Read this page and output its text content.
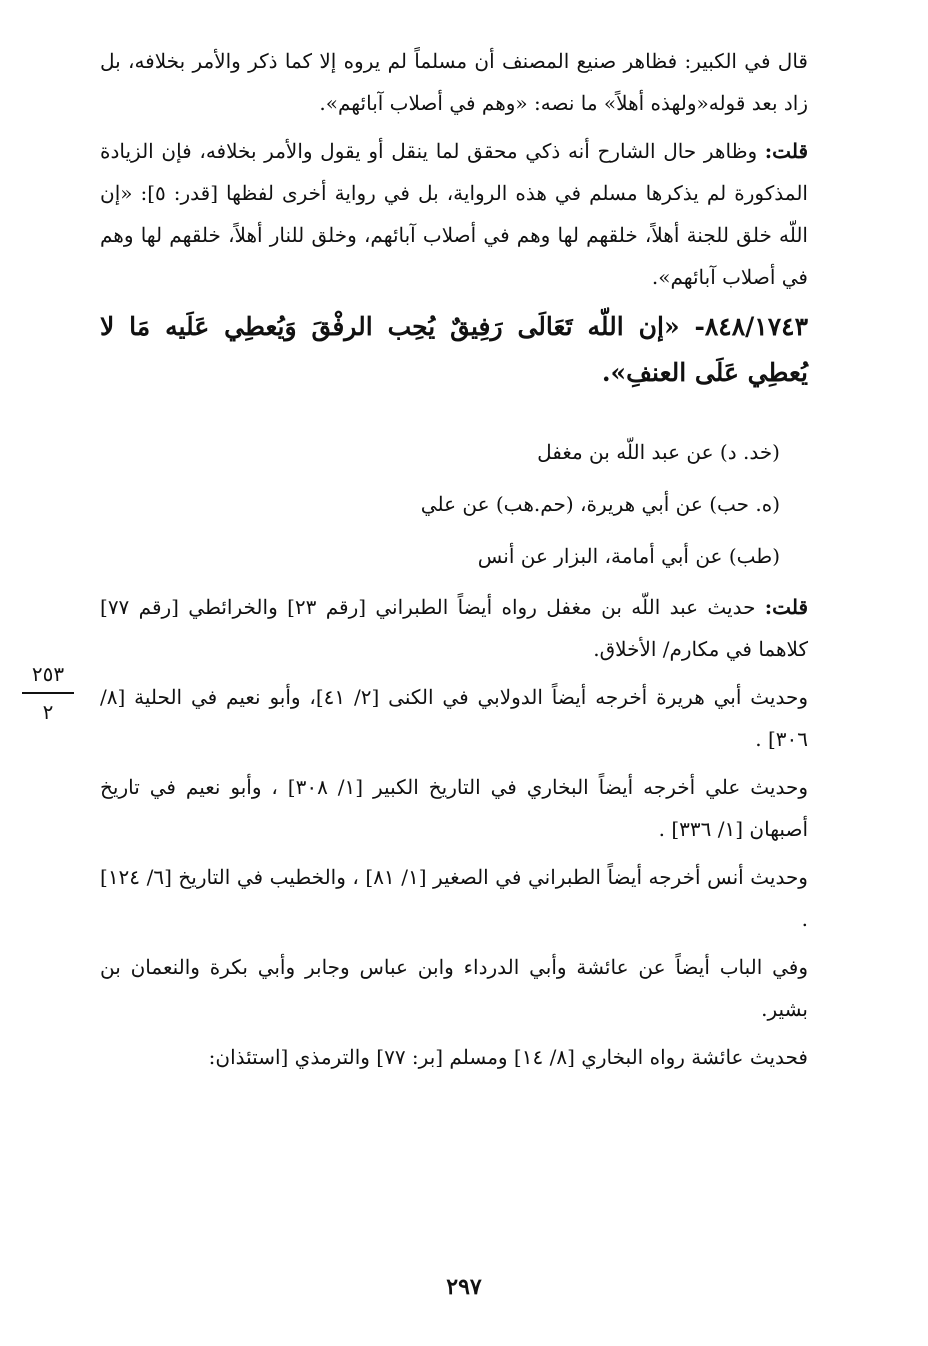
قال في الكبير: فظاهر صنيع المصنف أن مسلماً لم يروه إلا كما ذكر والأمر بخلافه، بل زاد بعد قوله«ولهذه أهلاً» ما نصه: «وهم في أصلاب آبائهم».

قلت: وظاهر حال الشارح أنه ذكي محقق لما ينقل أو يقول والأمر بخلافه، فإن الزيادة المذكورة لم يذكرها مسلم في هذه الرواية، بل في رواية أخرى لفظها [قدر: ٥]: «إن اللّه خلق للجنة أهلاً، خلقهم لها وهم في أصلاب آبائهم، وخلق للنار أهلاً، خلقهم لها وهم في أصلاب آبائهم».

٨٤٨/١٧٤٣- «إن اللّه تَعَالَى رَفِيقٌ يُحِب الرفْقَ وَيُعطِي عَلَيه مَا لا يُعطِي عَلَى العنفِ».

(خد. د) عن عبد اللّه بن مغفل
(ه. حب) عن أبي هريرة، (حم.هب) عن علي
(طب) عن أبي أمامة، البزار عن أنس

قلت: حديث عبد اللّه بن مغفل رواه أيضاً الطبراني [رقم ٢٣] والخرائطي [رقم ٧٧] كلاهما في مكارم/ الأخلاق.

وحديث أبي هريرة أخرجه أيضاً الدولابي في الكنى [٢/ ٤١]، وأبو نعيم في الحلية [٨/ ٣٠٦] .

وحديث علي أخرجه أيضاً البخاري في التاريخ الكبير [١/ ٣٠٨] ، وأبو نعيم في تاريخ أصبهان [١/ ٣٣٦] .

وحديث أنس أخرجه أيضاً الطبراني في الصغير [١/ ٨١] ، والخطيب في التاريخ [٦/ ١٢٤] .

وفي الباب أيضاً عن عائشة وأبي الدرداء وابن عباس وجابر وأبي بكرة والنعمان بن بشير.

فحديث عائشة رواه البخاري [٨/ ١٤] ومسلم [بر: ٧٧] والترمذي [استئذان:

٢٥٣
٢
٢٩٧
